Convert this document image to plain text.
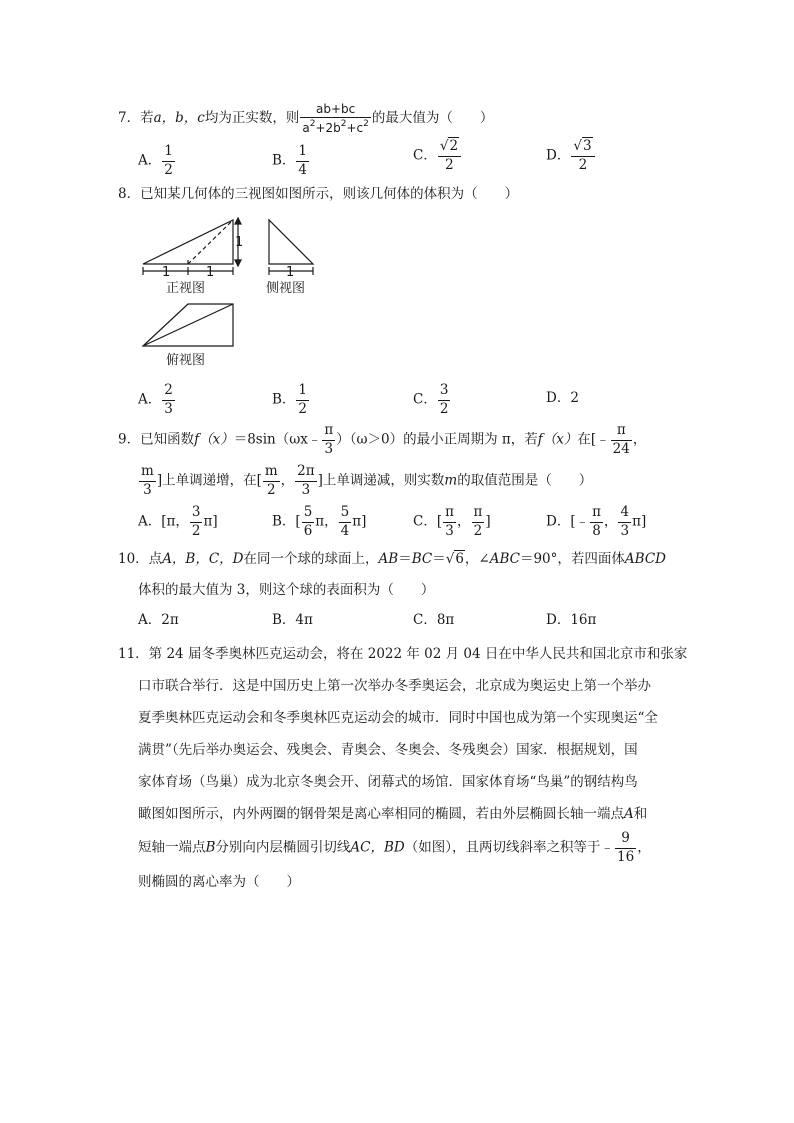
7．若a，b，c均为正实数，则 $\frac{ab+bc}{a^2+2b^2+c^2}$ 的最大值为（　　）
A． $\frac{1}{2}$	B． $\frac{1}{4}$	C． $\frac{√2}{2}$	D． $\frac{√3}{2}$
8．已知某几何体的三视图如图所示，则该几何体的体积为（　　）
1
1	1
正视图
1
侧视图
俯视图
A． $\frac{2}{3}$	B． $\frac{1}{2}$	C． $\frac{3}{2}$	D．2
9．已知函数f（x）＝8sin（ωx﹣ $\frac{\pi}{3} )(\omega>0)$的最小正周期为 π，若f（x）在[﹣ $\frac{\pi}{24}$ ，
$\frac{m}{3}$ ]上单调递增，在[ $\frac{m}{2}$ ， $\frac{2\pi}{3}$ ]上单调递减，则实数m的取值范围是（　　）
A．[π， $\frac{3}{2} \pi$]	B．[ $\frac{5}{6}$ π， $\frac{5}{4} \pi$]	C．[ $\frac{\pi}{3}$ ， $\frac{\pi}{2}$ ]	D．[﹣ $\frac{\pi}{8}$ ， $\frac{4}{3} \pi$]
10．点A，B，C，D在同一个球的球面上，AB＝BC＝√6，∠ABC＝90°，若四面体ABCD
体积的最大值为 3，则这个球的表面积为（　　）
A．2π	B．4π	C．8π	D．16π
11．第 24 届冬季奥林匹克运动会，将在 2022 年 02 月 04 日在中华人民共和国北京市和张家
口市联合举行．这是中国历史上第一次举办冬季奥运会，北京成为奥运史上第一个举办
夏季奥林匹克运动会和冬季奥林匹克运动会的城市．同时中国也成为第一个实现奥运“全
满贯”（先后举办奥运会、残奥会、青奥会、冬奥会、冬残奥会）国家．根据规划，国
家体育场（鸟巢）成为北京冬奥会开、闭幕式的场馆．国家体育场“鸟巢”的钢结构鸟
瞰图如图所示，内外两圈的钢骨架是离心率相同的椭圆，若由外层椭圆长轴一端点A和
短轴一端点B分别向内层椭圆引切线AC，BD（如图），且两切线斜率之积等于﹣ $\frac{9}{16}$ ，
则椭圆的离心率为（　　）
